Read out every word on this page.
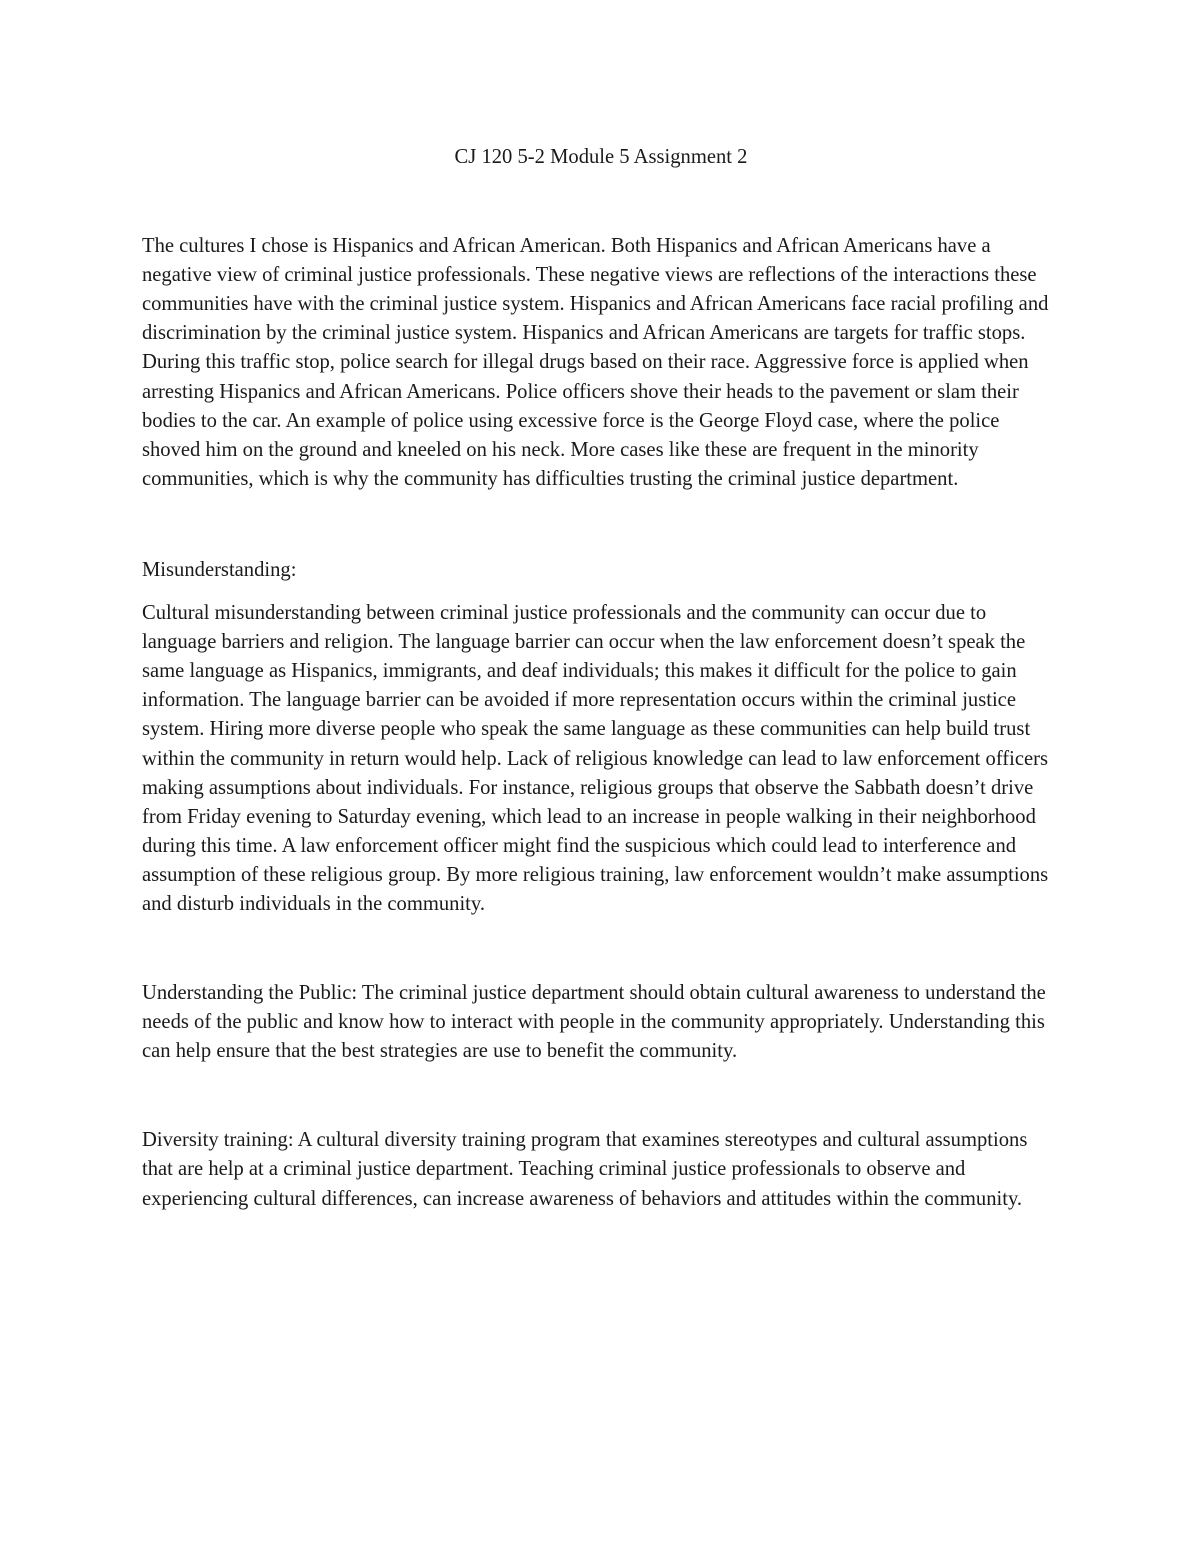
CJ 120 5-2 Module 5 Assignment 2

The cultures I chose is Hispanics and African American. Both Hispanics and African Americans have a negative view of criminal justice professionals. These negative views are reflections of the interactions these communities have with the criminal justice system. Hispanics and African Americans face racial profiling and discrimination by the criminal justice system. Hispanics and African Americans are targets for traffic stops. During this traffic stop, police search for illegal drugs based on their race. Aggressive force is applied when arresting Hispanics and African Americans. Police officers shove their heads to the pavement or slam their bodies to the car. An example of police using excessive force is the George Floyd case, where the police shoved him on the ground and kneeled on his neck. More cases like these are frequent in the minority communities, which is why the community has difficulties trusting the criminal justice department.

Misunderstanding:

Cultural misunderstanding between criminal justice professionals and the community can occur due to language barriers and religion. The language barrier can occur when the law enforcement doesn’t speak the same language as Hispanics, immigrants, and deaf individuals; this makes it difficult for the police to gain information. The language barrier can be avoided if more representation occurs within the criminal justice system. Hiring more diverse people who speak the same language as these communities can help build trust within the community in return would help. Lack of religious knowledge can lead to law enforcement officers making assumptions about individuals. For instance, religious groups that observe the Sabbath doesn’t drive from Friday evening to Saturday evening, which lead to an increase in people walking in their neighborhood during this time. A law enforcement officer might find the suspicious which could lead to interference and assumption of these religious group. By more religious training, law enforcement wouldn’t make assumptions and disturb individuals in the community.

Understanding the Public: The criminal justice department should obtain cultural awareness to understand the needs of the public and know how to interact with people in the community appropriately. Understanding this can help ensure that the best strategies are use to benefit the community.

Diversity training: A cultural diversity training program that examines stereotypes and cultural assumptions that are help at a criminal justice department. Teaching criminal justice professionals to observe and experiencing cultural differences, can increase awareness of behaviors and attitudes within the community.
